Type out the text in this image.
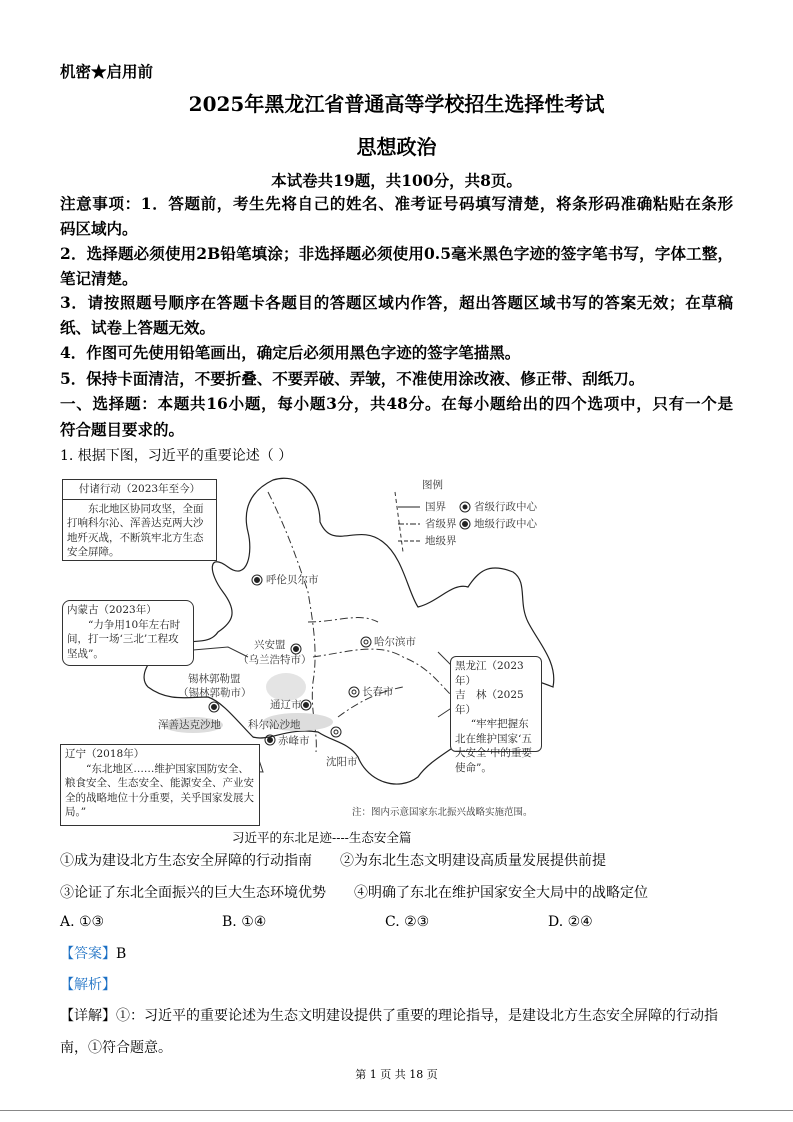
机密★启用前
2025年黑龙江省普通高等学校招生选择性考试
思想政治
本试卷共19题，共100分，共8页。
注意事项：1．答题前，考生先将自己的姓名、准考证号码填写清楚，将条形码准确粘贴在条形
码区域内。
2．选择题必须使用2B铅笔填涂；非选择题必须使用0.5毫米黑色字迹的签字笔书写，字体工整，
笔记清楚。
3．请按照题号顺序在答题卡各题目的答题区域内作答，超出答题区域书写的答案无效；在草稿
纸、试卷上答题无效。
4．作图可先使用铅笔画出，确定后必须用黑色字迹的签字笔描黑。
5．保持卡面清洁，不要折叠、不要弄破、弄皱，不准使用涂改液、修正带、刮纸刀。
一、选择题：本题共16小题，每小题3分，共48分。在每小题给出的四个选项中，只有一个是
符合题目要求的。
1. 根据下图，习近平的重要论述（ ）
图例
国界	省级行政中心
省级界 地级行政中心
地级界
付诸行动（2023年至今）
东北地区协同攻坚，全面打响科尔沁、浑善达克两大沙地歼灭战，不断筑牢北方生态安全屏障。
内蒙古（2023年）
“力争用10年左右时间，打一场‘三北’工程攻坚战”。
辽宁（2018年）
“东北地区……维护国家国防安全、粮食安全、生态安全、能源安全、产业安全的战略地位十分重要，关乎国家发展大局。”
黑龙江（2023年）
吉　林（2025年）
“牢牢把握东北在维护国家‘五大安全’中的重要使命”。
呼伦贝尔市
兴安盟
（乌兰浩特市）
哈尔滨市
锡林郭勒盟
（锡林郭勒市）
通辽市
长春市
浑善达克沙地	科尔沁沙地
赤峰市
沈阳市
注：图内示意国家东北振兴战略实施范围。
习近平的东北足迹----生态安全篇
①成为建设北方生态安全屏障的行动指南 ②为东北生态文明建设高质量发展提供前提
③论证了东北全面振兴的巨大生态环境优势 ④明确了东北在维护国家安全大局中的战略定位
A. ①③	B. ①④	C. ②③	D. ②④
【答案】B
【解析】
【详解】①：习近平的重要论述为生态文明建设提供了重要的理论指导，是建设北方生态安全屏障的行动指
南，①符合题意。
第 1 页 共 18 页
